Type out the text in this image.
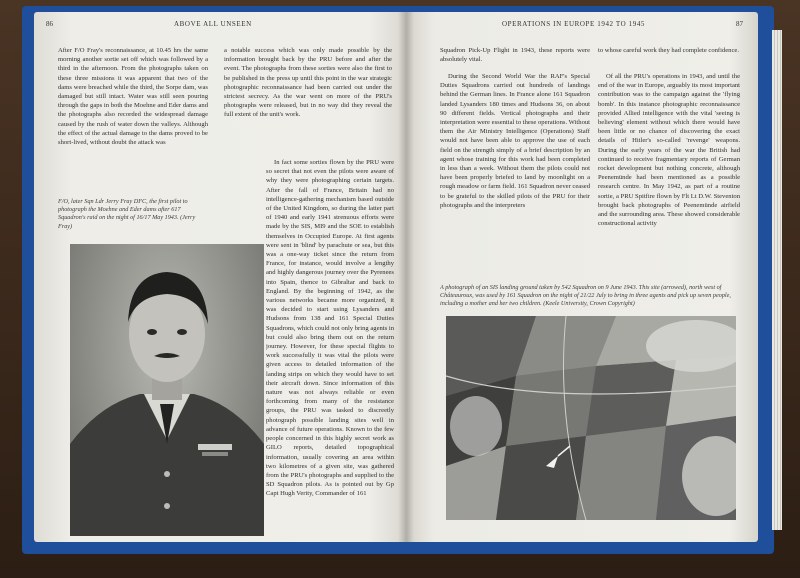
86	ABOVE ALL UNSEEN

After F/O Fray's reconnaissance, at 10.45 hrs the same morning another sortie set off which was followed by a third in the afternoon. From the photographs taken on these three missions it was apparent that two of the dams were breached while the third, the Sorpe dam, was damaged but still intact. Water was still seen pouring through the gaps in both the Moehne and Eder dams and the photographs also recorded the widespread damage caused by the rush of water down the valleys. Although the effect of the actual damage to the dams proved to be short-lived, without doubt the attack was

F/O, later Sqn Ldr Jerry Fray DFC, the first pilot to photograph the Moehne and Eder dams after 617 Squadron's raid on the night of 16/17 May 1943. (Jerry Fray)

a notable success which was only made possible by the information brought back by the PRU before and after the event. The photographs from these sorties were also the first to be published in the press up until this point in the war strategic photographic reconnaissance had been carried out under the strictest secrecy. As the war went on more of the PRU's photographs were released, but in no way did they reveal the full extent of the unit's work.

In fact some sorties flown by the PRU were so secret that not even the pilots were aware of why they were photographing certain targets. After the fall of France, Britain had no intelligence-gathering mechanism based outside of the United Kingdom, so during the latter part of 1940 and early 1941 strenuous efforts were made by the SIS, MI9 and the SOE to establish themselves in Occupied Europe. At first agents were sent in 'blind' by parachute or sea, but this was a one-way ticket since the return from France, for instance, would involve a lengthy and highly dangerous journey over the Pyrenees into Spain, thence to Gibraltar and back to England. By the beginning of 1942, as the various networks became more organized, it was decided to start using Lysanders and Hudsons from 138 and 161 Special Duties Squadrons, which could not only bring agents in but could also bring them out on the return journey. However, for these special flights to work successfully it was vital the pilots were given access to detailed information of the landing strips on which they would have to set their aircraft down. Since information of this nature was not always reliable or even forthcoming from many of the resistance groups, the PRU was tasked to discreetly photograph possible landing sites well in advance of future operations. Known to the few people concerned in this highly secret work as GILO reports, detailed topographical information, usually covering an area within two kilometres of a given site, was gathered from the PRU's photographs and supplied to the SD Squadron pilots. As is pointed out by Gp Capt Hugh Verity, Commander of 161

OPERATIONS IN EUROPE 1942 TO 1945	87

Squadron Pick-Up Flight in 1943, these reports were absolutely vital.

During the Second World War the RAF's Special Duties Squadrons carried out hundreds of landings behind the German lines. In France alone 161 Squadron landed Lysanders 180 times and Hudsons 36, on about 90 different fields. Vertical photographs and their interpretation were essential to these operations. Without them the Air Ministry Intelligence (Operations) Staff would not have been able to approve the use of each field on the strength simply of a brief description by an agent whose training for this work had been completed in less than a week. Without them the pilots could not have been properly briefed to land by moonlight on a rough meadow or farm field. 161 Squadron never ceased to be grateful to the skilled pilots of the PRU for their photographs and the interpreters

to whose careful work they had complete confidence.

Of all the PRU's operations in 1943, and until the end of the war in Europe, arguably its most important contribution was to the campaign against the 'flying bomb'. In this instance photographic reconnaissance provided Allied intelligence with the vital 'seeing is believing' element without which there would have been little or no chance of discovering the exact details of Hitler's so-called 'revenge' weapons. During the early years of the war the British had continued to receive fragmentary reports of German rocket development but nothing concrete, although Peenemünde had been mentioned as a possible research centre. In May 1942, as part of a routine sortie, a PRU Spitfire flown by Flt Lt D.W. Steventon brought back photographs of Peenemünde airfield and the surrounding area. These showed considerable constructional activity

A photograph of an SIS landing ground taken by 542 Squadron on 9 June 1943. This site (arrowed), north west of Châteauroux, was used by 161 Squadron on the night of 21/22 July to bring in three agents and pick up seven people, including a mother and her two children. (Keele University, Crown Copyright)
